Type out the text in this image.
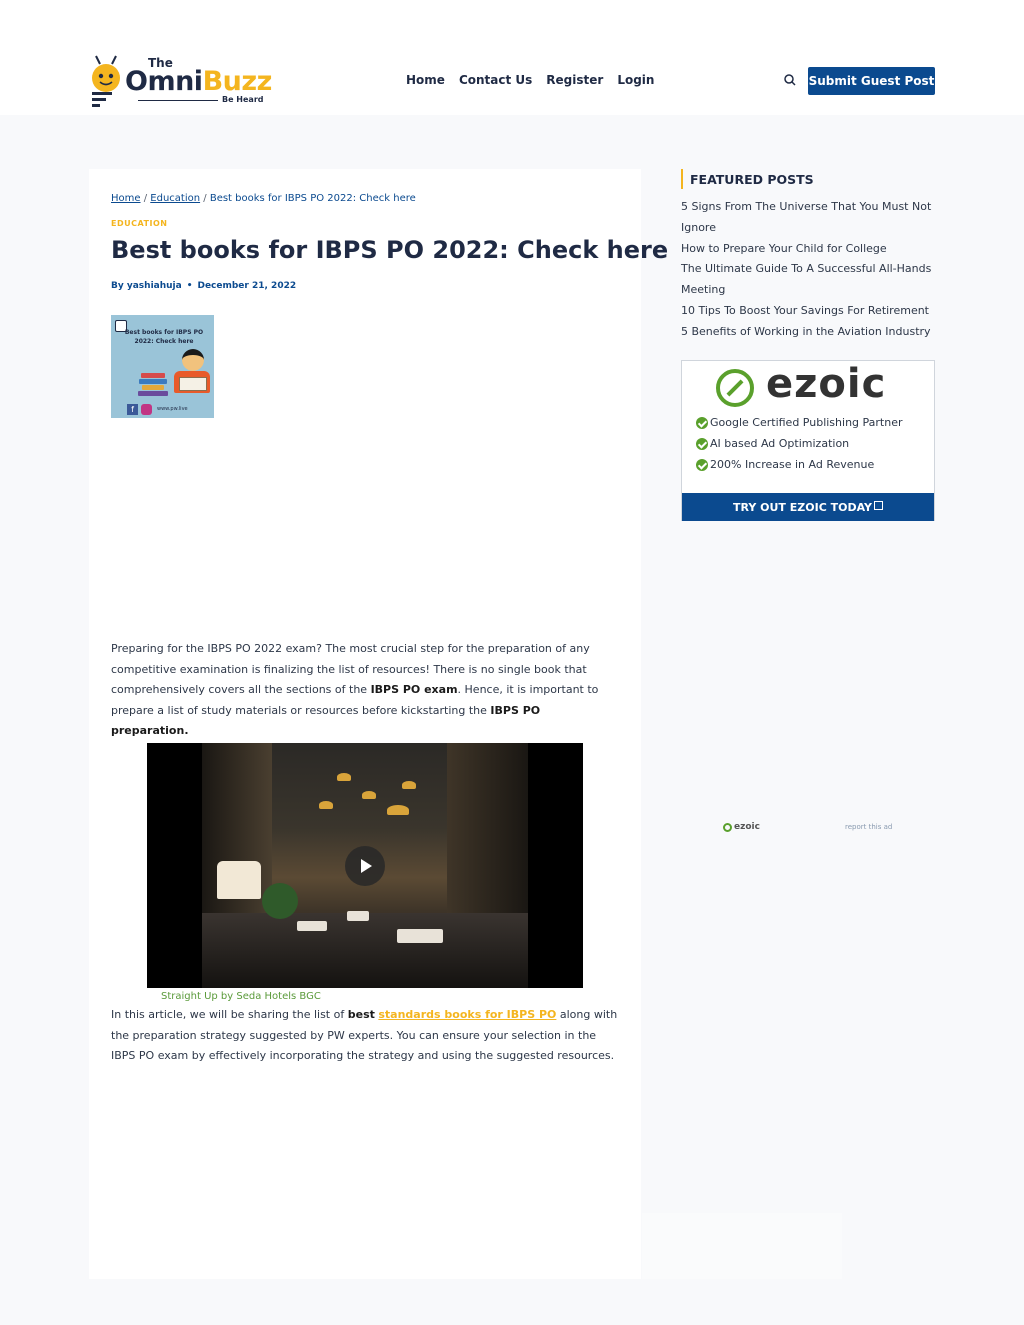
The
OmniBuzz
Be Heard
Home Contact Us Register Login	Submit Guest Post
Home / Education / Best books for IBPS PO 2022: Check here
EDUCATION
Best books for IBPS PO 2022: Check here
By yashiahuja • December 21, 2022
Best books for IBPS PO 2022: Check here
f	www.pw.live

Preparing for the IBPS PO 2022 exam? The most crucial step for the preparation of any competitive examination is finalizing the list of resources! There is no single book that comprehensively covers all the sections of the IBPS PO exam. Hence, it is important to prepare a list of study materials or resources before kickstarting the IBPS PO preparation.

Straight Up by Seda Hotels BGC

In this article, we will be sharing the list of best standards books for IBPS PO along with the preparation strategy suggested by PW experts. You can ensure your selection in the IBPS PO exam by effectively incorporating the strategy and using the suggested resources.

FEATURED POSTS
5 Signs From The Universe That You Must Not Ignore
How to Prepare Your Child for College
The Ultimate Guide To A Successful All-Hands Meeting
10 Tips To Boost Your Savings For Retirement
5 Benefits of Working in the Aviation Industry
ezoic
Google Certified Publishing Partner
AI based Ad Optimization
200% Increase in Ad Revenue
TRY OUT EZOIC TODAY
ezoic	report this ad
